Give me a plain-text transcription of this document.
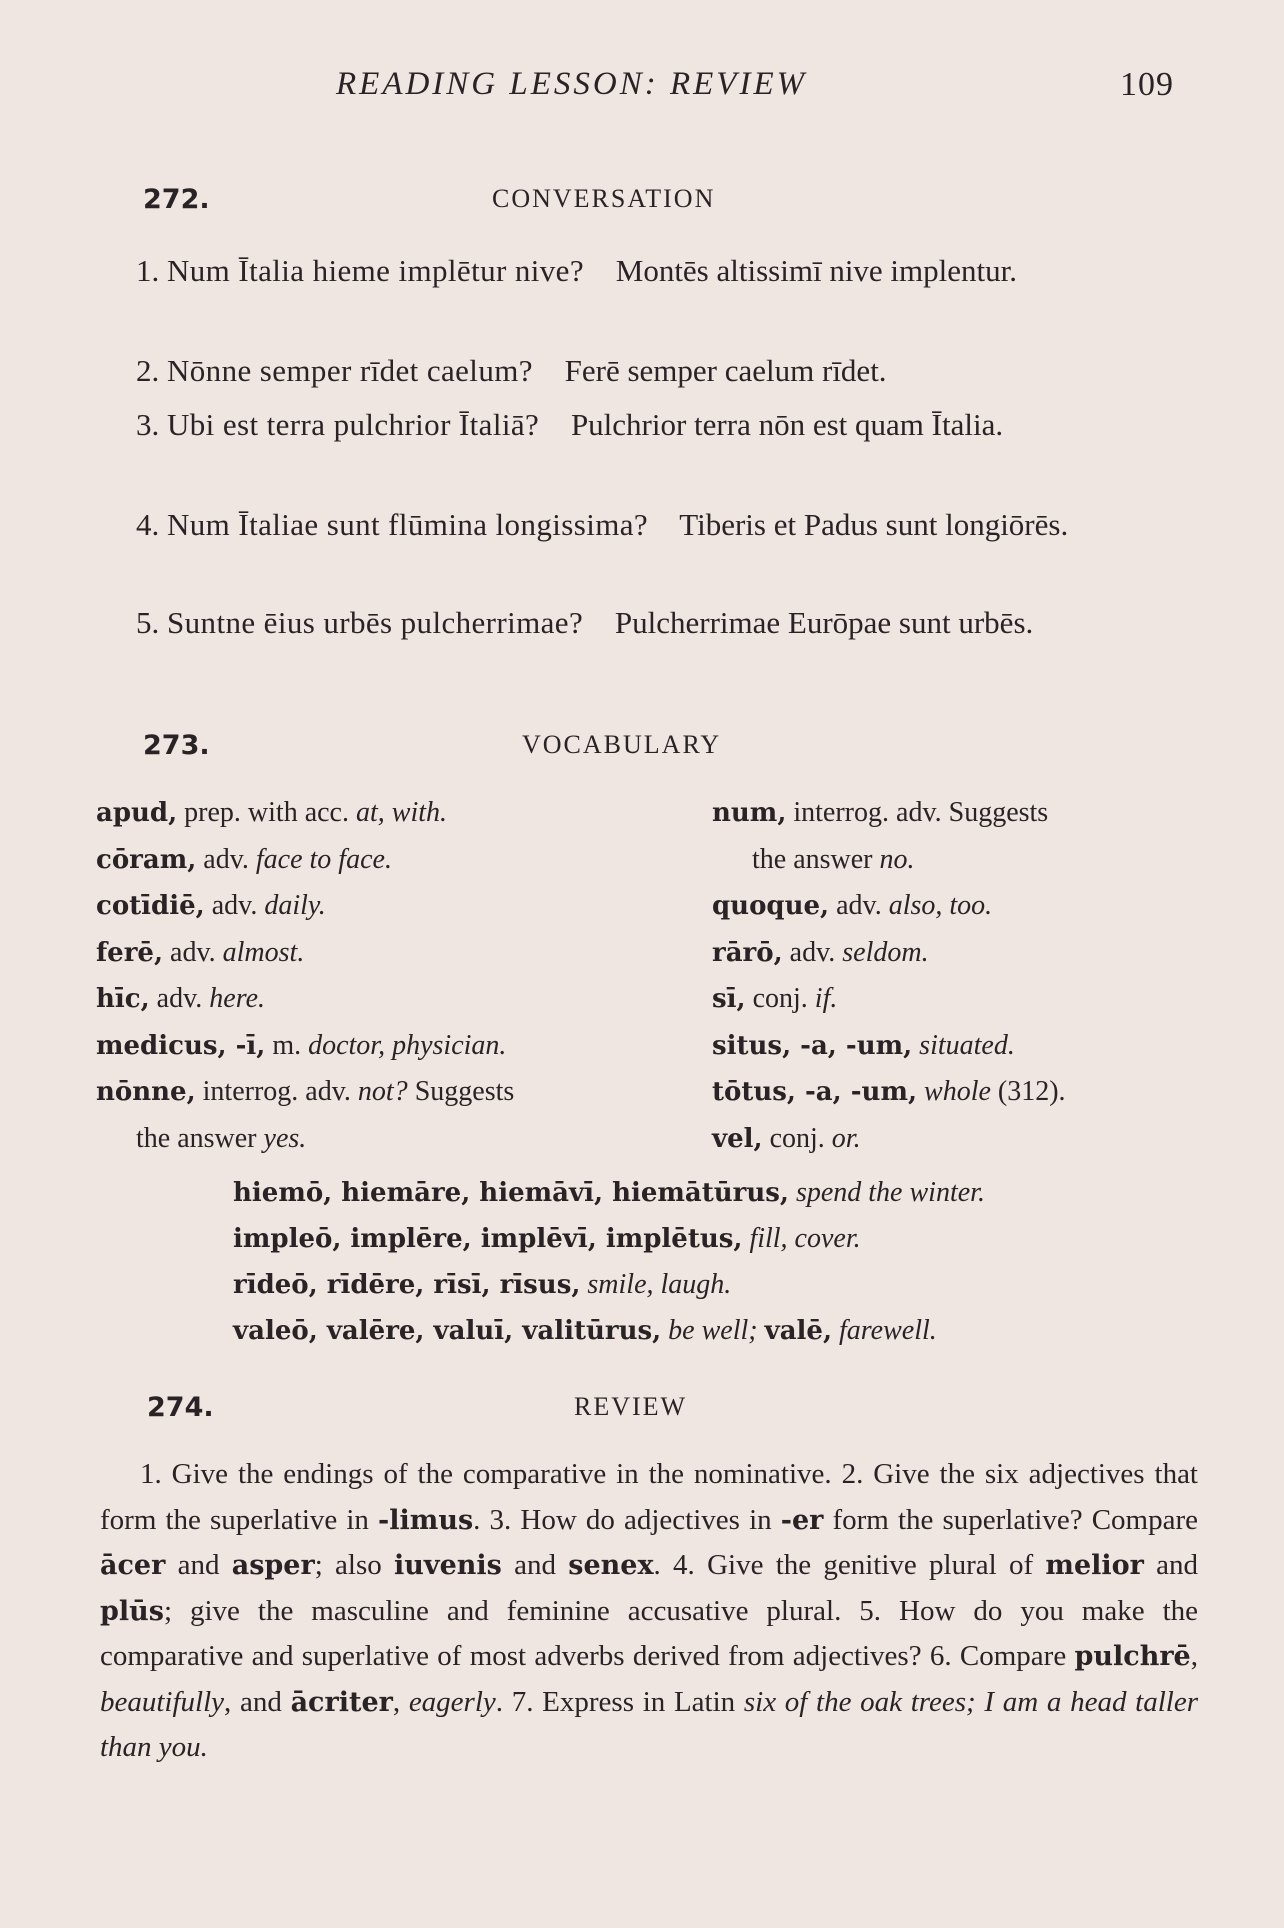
READING LESSON: REVIEW	109
272.	CONVERSATION
1. Num Ītalia hieme implētur nive? Montēs altissimī nive implentur.
2. Nōnne semper rīdet caelum? Ferē semper caelum rīdet.
3. Ubi est terra pulchrior Ītaliā? Pulchrior terra nōn est quam Ītalia.
4. Num Ītaliae sunt flūmina longissima? Tiberis et Padus sunt longiōrēs.
5. Suntne ēius urbēs pulcherrimae? Pulcherrimae Eurōpae sunt urbēs.
273.	VOCABULARY
apud, prep. with acc. at, with.
cōram, adv. face to face.
cotīdiē, adv. daily.
ferē, adv. almost.
hīc, adv. here.
medicus, -ī, m. doctor, physician.
nōnne, interrog. adv. not? Suggests
the answer yes.
num, interrog. adv. Suggests
the answer no.
quoque, adv. also, too.
rārō, adv. seldom.
sī, conj. if.
situs, -a, -um, situated.
tōtus, -a, -um, whole (312).
vel, conj. or.
hiemō, hiemāre, hiemāvī, hiemātūrus, spend the winter.
impleō, implēre, implēvī, implētus, fill, cover.
rīdeō, rīdēre, rīsī, rīsus, smile, laugh.
valeō, valēre, valuī, valitūrus, be well; valē, farewell.
274.	REVIEW
1. Give the endings of the comparative in the nominative. 2. Give the six adjectives that form the superlative in -limus. 3. How do adjectives in -er form the superlative? Compare ācer and asper; also iuvenis and senex. 4. Give the genitive plural of melior and plūs; give the masculine and feminine accusative plural. 5. How do you make the comparative and superlative of most adverbs derived from adjectives? 6. Compare pulchrē, beautifully, and ācriter, eagerly. 7. Express in Latin six of the oak trees; I am a head taller than you.
